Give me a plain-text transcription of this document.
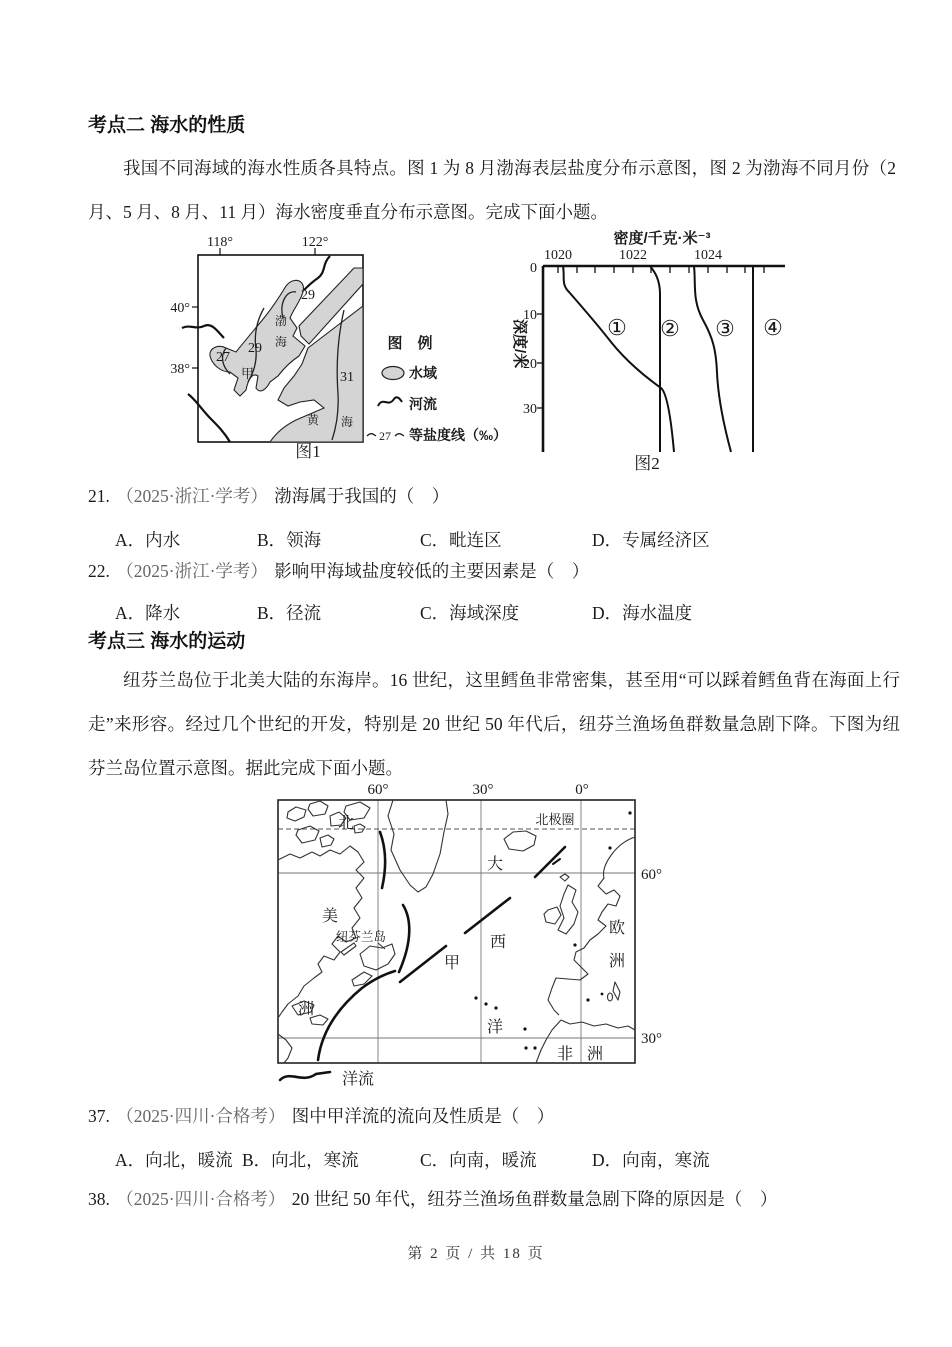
考点二 海水的性质
我国不同海域的海水性质各具特点。图 1 为 8 月渤海表层盐度分布示意图，图 2 为渤海不同月份（2 月、5 月、8 月、11 月）海水密度垂直分布示意图。完成下面小题。
118°	122°
40°
38°
29
29
27
31
甲
渤
海
黄 海
图1
图　例
水域
河流
27 等盐度线（‰）
密度/千克·米⁻³
1020	1022	1024
0
10
20
30
深度/米	① ② ③ ④
图2
21. （2025·浙江·学考） 渤海属于我国的（　）
A．内水	B．领海	C．毗连区	D．专属经济区
22. （2025·浙江·学考） 影响甲海域盐度较低的主要因素是（　）
A．降水	B．径流	C．海域深度	D．海水温度
考点三 海水的运动
纽芬兰岛位于北美大陆的东海岸。16 世纪，这里鳕鱼非常密集，甚至用“可以踩着鳕鱼背在海面上行走”来形容。经过几个世纪的开发，特别是 20 世纪 50 年代后，纽芬兰渔场鱼群数量急剧下降。下图为纽芬兰岛位置示意图。据此完成下面小题。
60°	30°	0°
60°
30°
北极圈
北
美
洲
大
西
洋
欧
洲
非 洲
纽芬兰岛
甲
洋流
37. （2025·四川·合格考） 图中甲洋流的流向及性质是（　）
A．向北，暖流 B．向北，寒流	C．向南，暖流	D．向南，寒流
38. （2025·四川·合格考） 20 世纪 50 年代，纽芬兰渔场鱼群数量急剧下降的原因是（　）
第 2 页 / 共 18 页
